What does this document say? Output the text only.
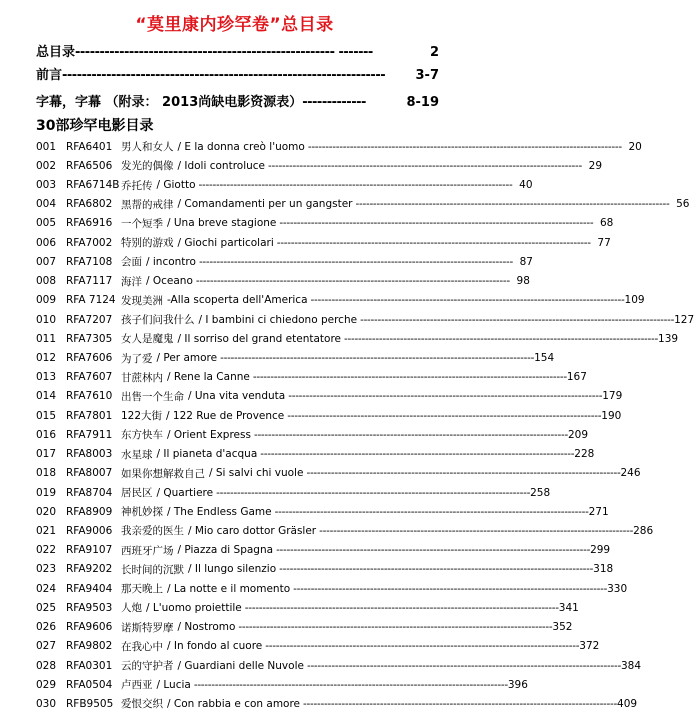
“莫里康内珍罕卷”总目录
总目录 ----------------------------------------------------- -------	2
前言 ------------------------------------------------------------------	3-7
字幕，字幕 （附录： 2013尚缺电影资源表） -------------	8-19
30部珍罕电影目录
001 RFA6401 男人和女人 / E la donna creò l'uomo ------------------------------------------------------------------------------------------ 20
002 RFA6506 发光的偶像 / Idoli controluce ------------------------------------------------------------------------------------------ 29
003 RFA6714B 乔托传 / Giotto ------------------------------------------------------------------------------------------ 40
004 RFA6802 黑帮的戒律 / Comandamenti per un gangster ------------------------------------------------------------------------------------------ 56
005 RFA6916 一个短季 / Una breve stagione ------------------------------------------------------------------------------------------ 68
006 RFA7002 特别的游戏 / Giochi particolari ------------------------------------------------------------------------------------------ 77
007 RFA7108 会面 / incontro ------------------------------------------------------------------------------------------ 87
008 RFA7117 海洋 / Oceano ------------------------------------------------------------------------------------------ 98
009 RFA 7124 发现美洲 -Alla scoperta dell'America ------------------------------------------------------------------------------------------ 109
010 RFA7207 孩子们问我什么 / I bambini ci chiedono perche ------------------------------------------------------------------------------------------ 127
011 RFA7305 女人是魔鬼 / Il sorriso del grand etentatore ------------------------------------------------------------------------------------------ 139
012 RFA7606 为了爱 / Per amore ------------------------------------------------------------------------------------------ 154
013 RFA7607 甘蔗林内 / Rene la Canne ------------------------------------------------------------------------------------------ 167
014 RFA7610 出售一个生命 / Una vita venduta ------------------------------------------------------------------------------------------ 179
015 RFA7801 122大街 / 122 Rue de Provence ------------------------------------------------------------------------------------------ 190
016 RFA7911 东方快车 / Orient Express ------------------------------------------------------------------------------------------ 209
017 RFA8003 水星球 / Il pianeta d'acqua ------------------------------------------------------------------------------------------ 228
018 RFA8007 如果你想解救自己 / Si salvi chi vuole ------------------------------------------------------------------------------------------ 246
019 RFA8704 居民区 / Quartiere ------------------------------------------------------------------------------------------ 258
020 RFA8909 神机妙探 / The Endless Game ------------------------------------------------------------------------------------------ 271
021 RFA9006 我亲爱的医生 / Mio caro dottor Gräsler ------------------------------------------------------------------------------------------ 286
022 RFA9107 西班牙广场 / Piazza di Spagna ------------------------------------------------------------------------------------------ 299
023 RFA9202 长时间的沉默 / Il lungo silenzio ------------------------------------------------------------------------------------------ 318
024 RFA9404 那天晚上 / La notte e il momento ------------------------------------------------------------------------------------------ 330
025 RFA9503 人炮 / L'uomo proiettile ------------------------------------------------------------------------------------------ 341
026 RFA9606 诺斯特罗摩 / Nostromo ------------------------------------------------------------------------------------------ 352
027 RFA9802 在我心中 / In fondo al cuore ------------------------------------------------------------------------------------------ 372
028 RFA0301 云的守护者 / Guardiani delle Nuvole ------------------------------------------------------------------------------------------ 384
029 RFA0504 卢西亚 / Lucia ------------------------------------------------------------------------------------------ 396
030 RFB9505 爱恨交织 / Con rabbia e con amore ------------------------------------------------------------------------------------------ 409
